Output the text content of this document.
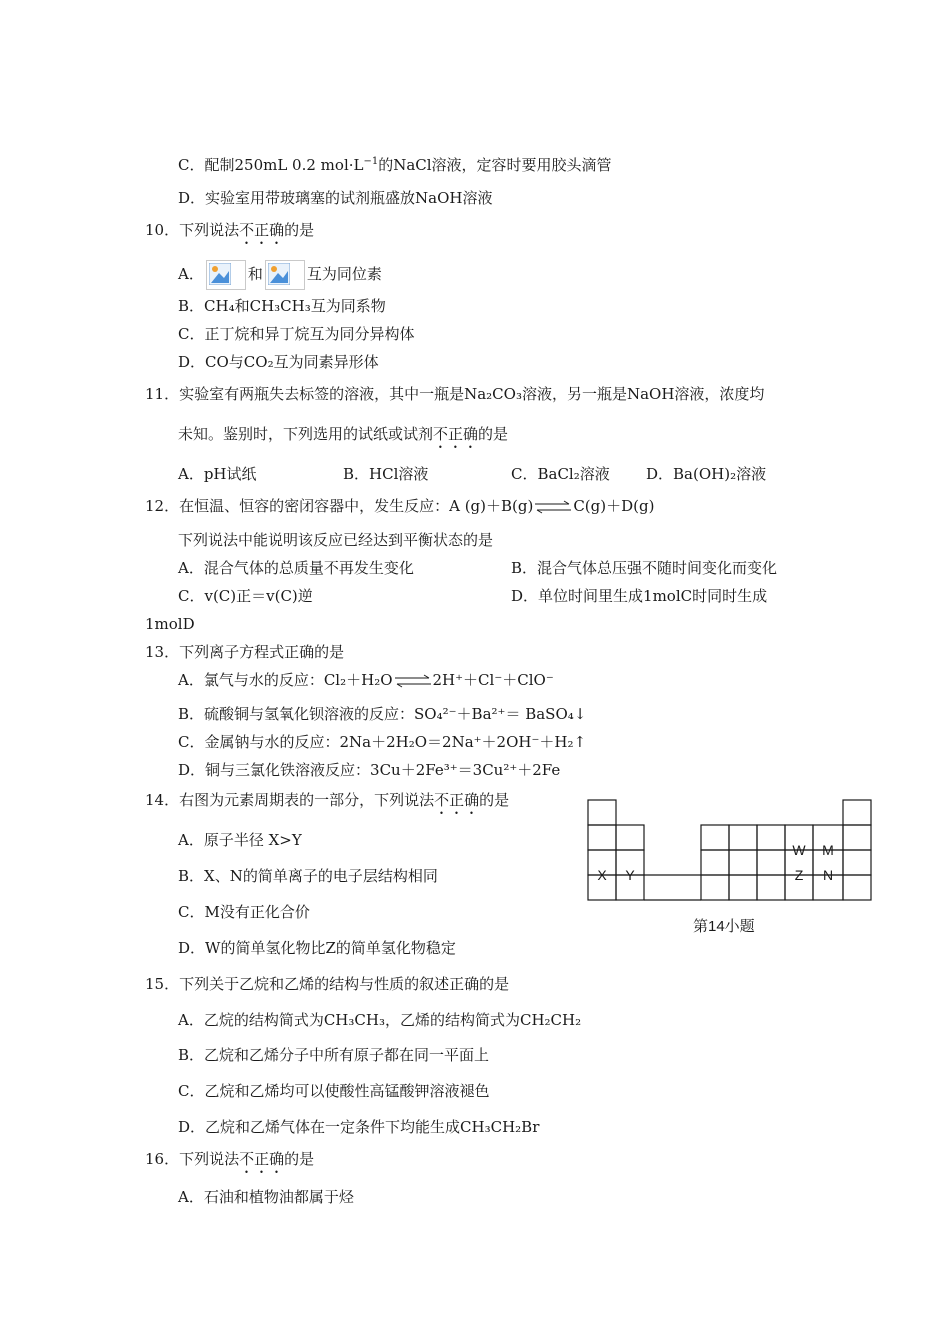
C．配制250mL 0.2 $mol\cdot L^{-1}$的NaCl溶液，定容时要用胶头滴管
D．实验室用带玻璃塞的试剂瓶盛放NaOH溶液
10．下列说法不正确的是
A．	和	互为同位素
B．CH₄和CH₃CH₃互为同系物
C．正丁烷和异丁烷互为同分异构体
D．CO与CO₂互为同素异形体
11．实验室有两瓶失去标签的溶液，其中一瓶是Na₂CO₃溶液，另一瓶是NaOH溶液，浓度均
未知。鉴别时，下列选用的试纸或试剂不正确的是
A．pH试纸	B．HCl溶液	C．BaCl₂溶液 D．Ba(OH)₂溶液
12．在恒温、恒容的密闭容器中，发生反应：A (g)＋B(g)⇌C(g)＋D(g)
下列说法中能说明该反应已经达到平衡状态的是
A．混合气体的总质量不再发生变化	B．混合气体总压强不随时间变化而变化
C．v(C)正＝v(C)逆	D．单位时间里生成1molC时同时生成
1molD
13．下列离子方程式正确的是
A．氯气与水的反应：Cl₂＋H₂O⇌2H⁺＋Cl⁻＋ClO⁻
B．硫酸铜与氢氧化钡溶液的反应：SO₄²⁻＋Ba²⁺＝ BaSO₄↓
C．金属钠与水的反应：2Na＋2H₂O＝2Na⁺＋2OH⁻＋H₂↑
D．铜与三氯化铁溶液反应：3Cu＋2Fe³⁺＝3Cu²⁺＋2Fe
14．右图为元素周期表的一部分，下列说法不正确的是
A．原子半径 X>Y
B．X、N的简单离子的电子层结构相同
C．M没有正化合价
D．W的简单氢化物比Z的简单氢化物稳定
X	Y
W	M
Z	N
第14小题
15．下列关于乙烷和乙烯的结构与性质的叙述正确的是
A．乙烷的结构简式为CH₃CH₃，乙烯的结构简式为CH₂CH₂
B．乙烷和乙烯分子中所有原子都在同一平面上
C．乙烷和乙烯均可以使酸性高锰酸钾溶液褪色
D．乙烷和乙烯气体在一定条件下均能生成CH₃CH₂Br
16．下列说法不正确的是
A．石油和植物油都属于烃
